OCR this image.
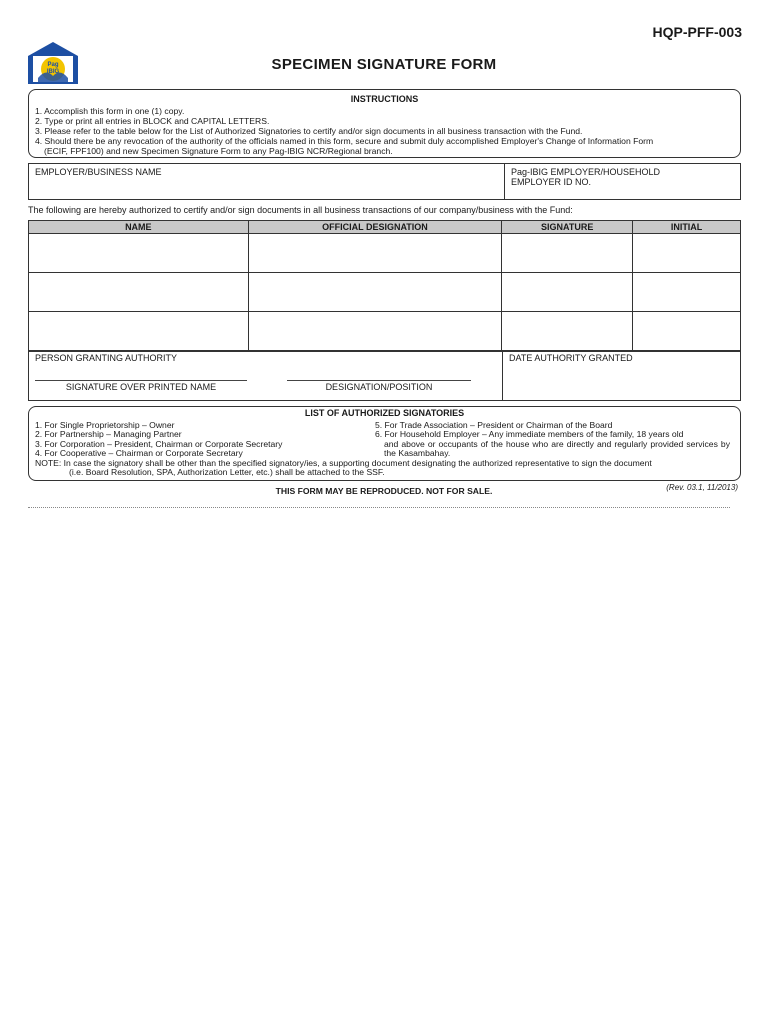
HQP-PFF-003
Pag
IBIG	SPECIMEN SIGNATURE FORM
INSTRUCTIONS
1. Accomplish this form in one (1) copy.
2. Type or print all entries in BLOCK and CAPITAL LETTERS.
3. Please refer to the table below for the List of Authorized Signatories to certify and/or sign documents in all business transaction with the Fund.
4. Should there be any revocation of the authority of the officials named in this form, secure and submit duly accomplished Employer's Change of Information Form
(ECIF, FPF100) and new Specimen Signature Form to any Pag-IBIG NCR/Regional branch.
EMPLOYER/BUSINESS NAME	Pag-IBIG EMPLOYER/HOUSEHOLD
EMPLOYER ID NO.
The following are hereby authorized to certify and/or sign documents in all business transactions of our company/business with the Fund:
NAME	OFFICIAL DESIGNATION	SIGNATURE	INITIAL

PERSON GRANTING AUTHORITY
SIGNATURE OVER PRINTED NAME	DESIGNATION/POSITION
DATE AUTHORITY GRANTED
LIST OF AUTHORIZED SIGNATORIES
1. For Single Proprietorship – Owner
2. For Partnership – Managing Partner
3. For Corporation – President, Chairman or Corporate Secretary
4. For Cooperative – Chairman or Corporate Secretary
5. For Trade Association – President or Chairman of the Board
6. For Household Employer – Any immediate members of the family, 18 years old
and above or occupants of the house who are directly and regularly provided services by the Kasambahay.
NOTE: In case the signatory shall be other than the specified signatory/ies, a supporting document designating the authorized representative to sign the document
(i.e. Board Resolution, SPA, Authorization Letter, etc.) shall be attached to the SSF.
THIS FORM MAY BE REPRODUCED. NOT FOR SALE.	(Rev. 03.1, 11/2013)
